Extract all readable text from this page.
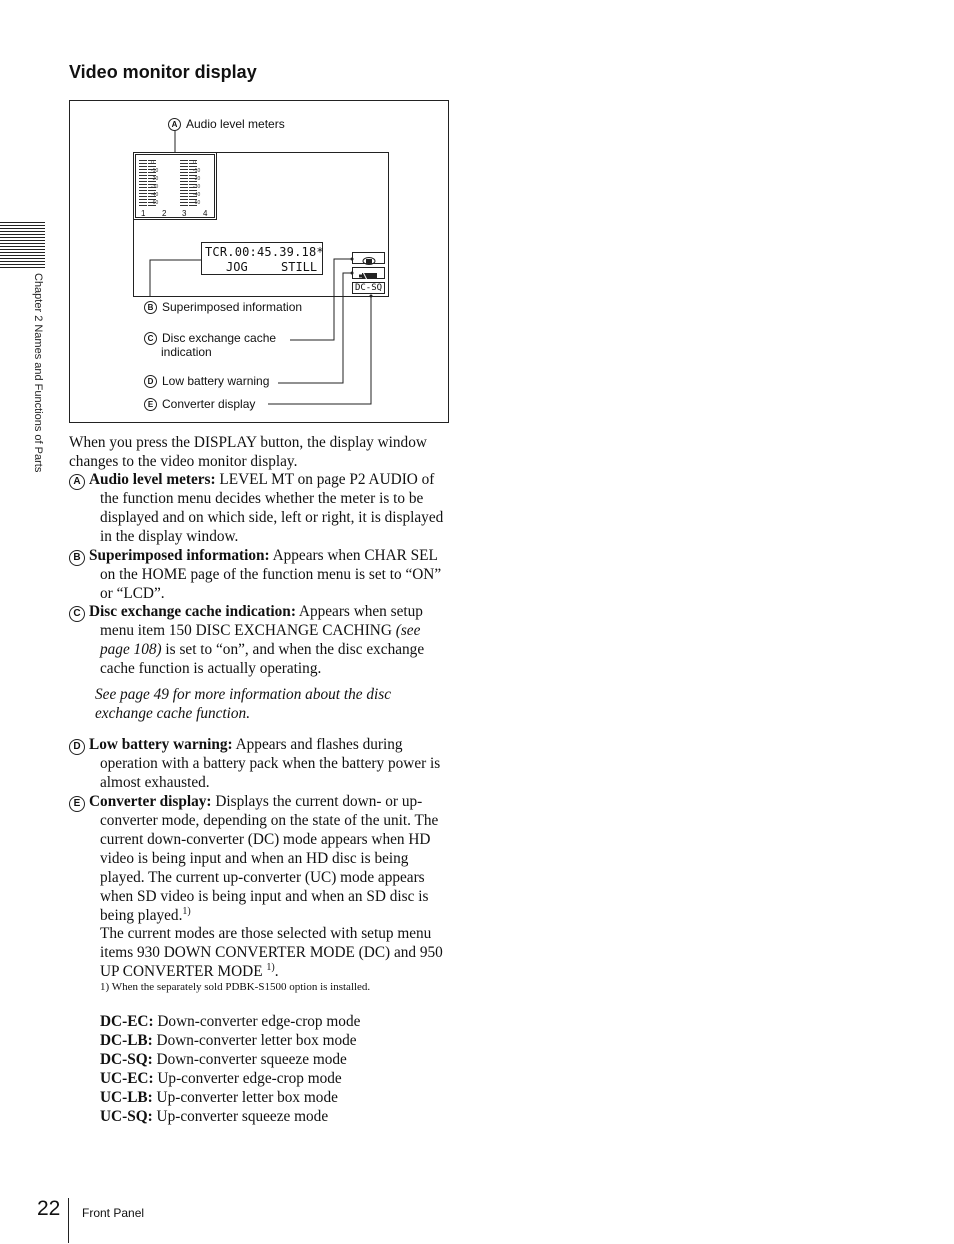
Video monitor display
Chapter 2 Names and Functions of Parts
0
-10
-20
-30
-40
-60
0
-10
-20
-30
-40
-60
1 2 3 4
TCR.00:45.39.18*
JOG	STILL
DC-SQ
A Audio level meters
B Superimposed information
C Disc exchange cache
indication
D Low battery warning
E Converter display

When you press the DISPLAY button, the display window changes to the video monitor display.

A Audio level meters: LEVEL MT on page P2 AUDIO of the function menu decides whether the meter is to be displayed and on which side, left or right, it is displayed in the display window.

B Superimposed information: Appears when CHAR SEL on the HOME page of the function menu is set to “ON” or “LCD”.

C Disc exchange cache indication: Appears when setup menu item 150 DISC EXCHANGE CACHING (see page 108) is set to “on”, and when the disc exchange cache function is actually operating.

See page 49 for more information about the disc exchange cache function.

D Low battery warning: Appears and flashes during operation with a battery pack when the battery power is almost exhausted.

E Converter display: Displays the current down- or up-converter mode, depending on the state of the unit. The current down-converter (DC) mode appears when HD video is being input and when an HD disc is being played. The current up-converter (UC) mode appears when SD video is being input and when an SD disc is being played.$^{1)}$
The current modes are those selected with setup menu items 930 DOWN CONVERTER MODE (DC) and 950 UP CONVERTER MODE $^{1)}$.

1) When the separately sold PDBK-S1500 option is installed.
DC-EC: Down-converter edge-crop mode
DC-LB: Down-converter letter box mode
DC-SQ: Down-converter squeeze mode
UC-EC: Up-converter edge-crop mode
UC-LB: Up-converter letter box mode
UC-SQ: Up-converter squeeze mode
22 Front Panel
